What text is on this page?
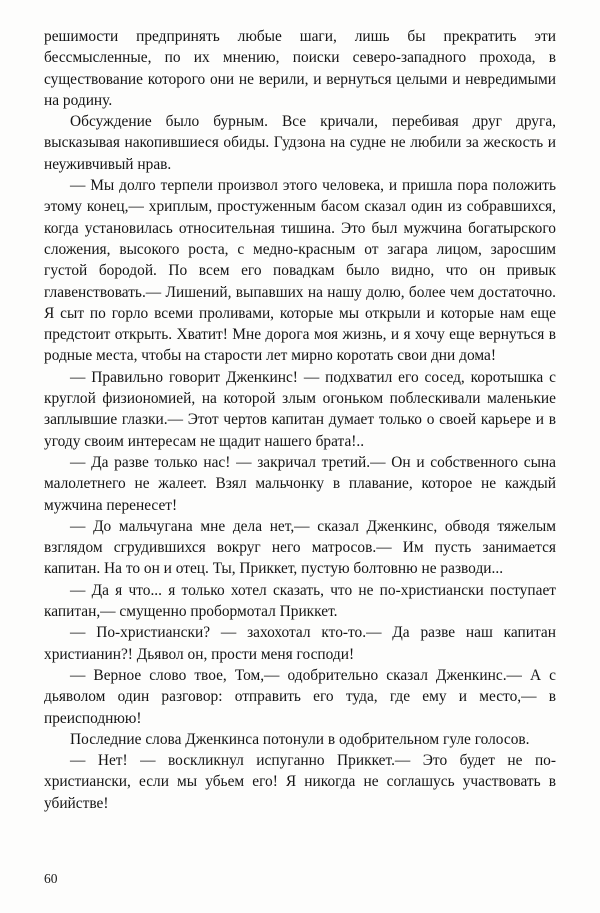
решимости предпринять любые шаги, лишь бы прекратить эти бессмысленные, по их мнению, поиски северо-западного прохода, в существование которого они не верили, и вернуться целыми и невредимыми на родину.

Обсуждение было бурным. Все кричали, перебивая друг друга, высказывая накопившиеся обиды. Гудзона на судне не любили за жескость и неуживчивый нрав.

— Мы долго терпели произвол этого человека, и пришла пора положить этому конец,— хриплым, простуженным басом сказал один из собравшихся, когда установилась относительная тишина. Это был мужчина богатырского сложения, высокого роста, с медно-красным от загара лицом, заросшим густой бородой. По всем его повадкам было видно, что он привык главенствовать.— Лишений, выпавших на нашу долю, более чем достаточно. Я сыт по горло всеми проливами, которые мы открыли и которые нам еще предстоит открыть. Хватит! Мне дорога моя жизнь, и я хочу еще вернуться в родные места, чтобы на старости лет мирно коротать свои дни дома!

— Правильно говорит Дженкинс! — подхватил его сосед, коротышка с круглой физиономией, на которой злым огоньком поблескивали маленькие заплывшие глазки.— Этот чертов капитан думает только о своей карьере и в угоду своим интересам не щадит нашего брата!..

— Да разве только нас! — закричал третий.— Он и собственного сына малолетнего не жалеет. Взял мальчонку в плавание, которое не каждый мужчина перенесет!

— До мальчугана мне дела нет,— сказал Дженкинс, обводя тяжелым взглядом сгрудившихся вокруг него матросов.— Им пусть занимается капитан. На то он и отец. Ты, Приккет, пустую болтовню не разводи...

— Да я что... я только хотел сказать, что не по-христиански поступает капитан,— смущенно пробормотал Приккет.

— По-христиански? — захохотал кто-то.— Да разве наш капитан христианин?! Дьявол он, прости меня господи!

— Верное слово твое, Том,— одобрительно сказал Дженкинс.— А с дьяволом один разговор: отправить его туда, где ему и место,— в преисподнюю!

Последние слова Дженкинса потонули в одобрительном гуле голосов.

— Нет! — воскликнул испуганно Приккет.— Это будет не по-христиански, если мы убьем его! Я никогда не соглашусь участвовать в убийстве!

60
